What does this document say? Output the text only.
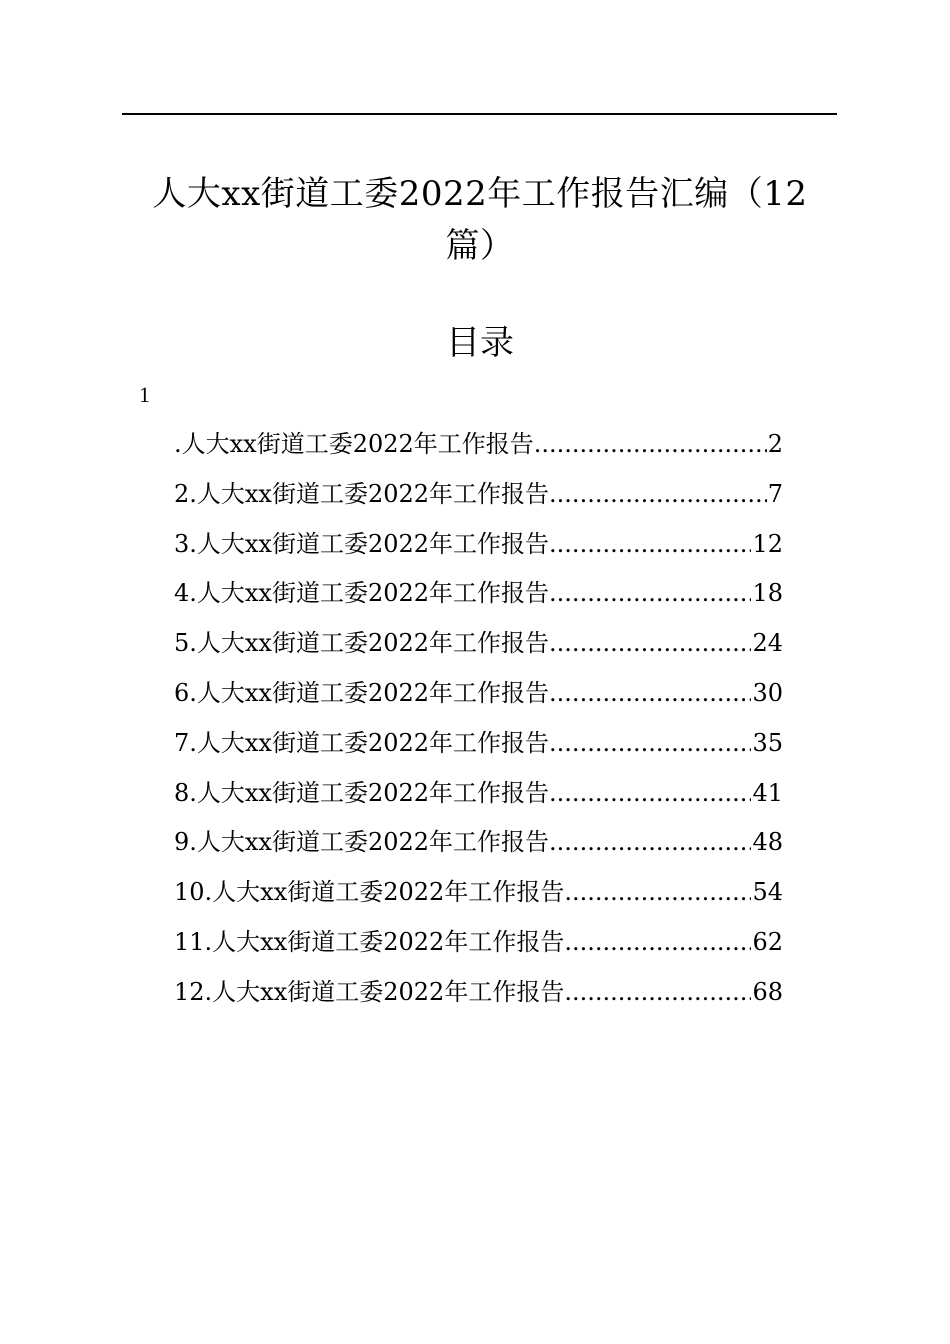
人大xx街道工委2022年工作报告汇编（12篇）
目录
1
.人大xx街道工委2022年工作报告 .....	2
2.人大xx街道工委2022年工作报告 .....	7
3.人大xx街道工委2022年工作报告 .....	12
4.人大xx街道工委2022年工作报告 .....	18
5.人大xx街道工委2022年工作报告 .....	24
6.人大xx街道工委2022年工作报告 .....	30
7.人大xx街道工委2022年工作报告 .....	35
8.人大xx街道工委2022年工作报告 .....	41
9.人大xx街道工委2022年工作报告 .....	48
10.人大xx街道工委2022年工作报告 .....	54
11.人大xx街道工委2022年工作报告 .....	62
12.人大xx街道工委2022年工作报告 .....	68
